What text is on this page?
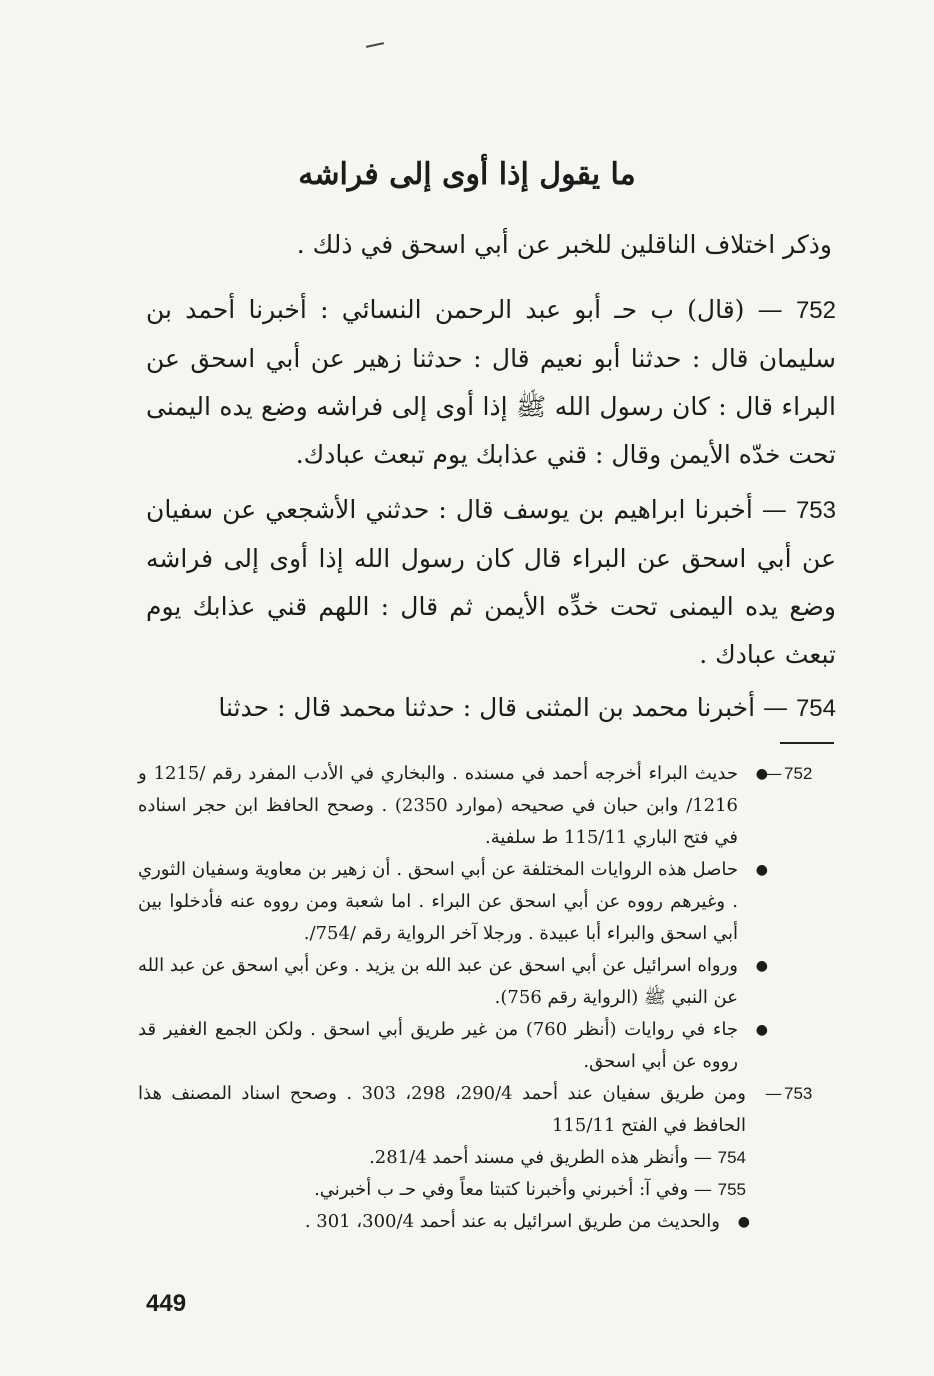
ما يقول إذا أوى إلى فراشه
وذكر اختلاف الناقلين للخبر عن أبي اسحق في ذلك .
752 — (قال) ب حـ أبو عبد الرحمن النسائي : أخبرنا أحمد بن سليمان قال : حدثنا أبو نعيم قال : حدثنا زهير عن أبي اسحق عن البراء قال : كان رسول الله ﷺ إذا أوى إلى فراشه وضع يده اليمنى تحت خدّه الأيمن وقال : قني عذابك يوم تبعث عبادك.
753 — أخبرنا ابراهيم بن يوسف قال : حدثني الأشجعي عن سفيان عن أبي اسحق عن البراء قال كان رسول الله إذا أوى إلى فراشه وضع يده اليمنى تحت خدِّه الأيمن ثم قال : اللهم قني عذابك يوم تبعث عبادك .
754 — أخبرنا محمد بن المثنى قال : حدثنا محمد قال : حدثنا
752
—
●
حديث البراء أخرجه أحمد في مسنده . والبخاري في الأدب المفرد رقم /1215 و 1216/ وابن حبان في صحيحه (موارد 2350) . وصحح الحافظ ابن حجر اسناده في فتح الباري 115/11 ط سلفية.
●
حاصل هذه الروايات المختلفة عن أبي اسحق . أن زهير بن معاوية وسفيان الثوري . وغيرهم رووه عن أبي اسحق عن البراء . اما شعبة ومن رووه عنه فأدخلوا بين أبي اسحق والبراء أبا عبيدة . ورجلا آخر الرواية رقم /754/.
●
ورواه اسرائيل عن أبي اسحق عن عبد الله بن يزيد . وعن أبي اسحق عن عبد الله عن النبي ﷺ (الرواية رقم 756).
●
جاء في روايات (أنظر 760) من غير طريق أبي اسحق . ولكن الجمع الغفير قد رووه عن أبي اسحق.
753
—
ومن طريق سفيان عند أحمد 290/4، 298، 303 . وصحح اسناد المصنف هذا الحافظ في الفتح 115/11
754 — وأنظر هذه الطريق في مسند أحمد 281/4.
755 — وفي آ: أخبرني وأخبرنا كتبتا معاً وفي حـ ب أخبرني.
●
والحديث من طريق اسرائيل به عند أحمد 300/4، 301 .
449
